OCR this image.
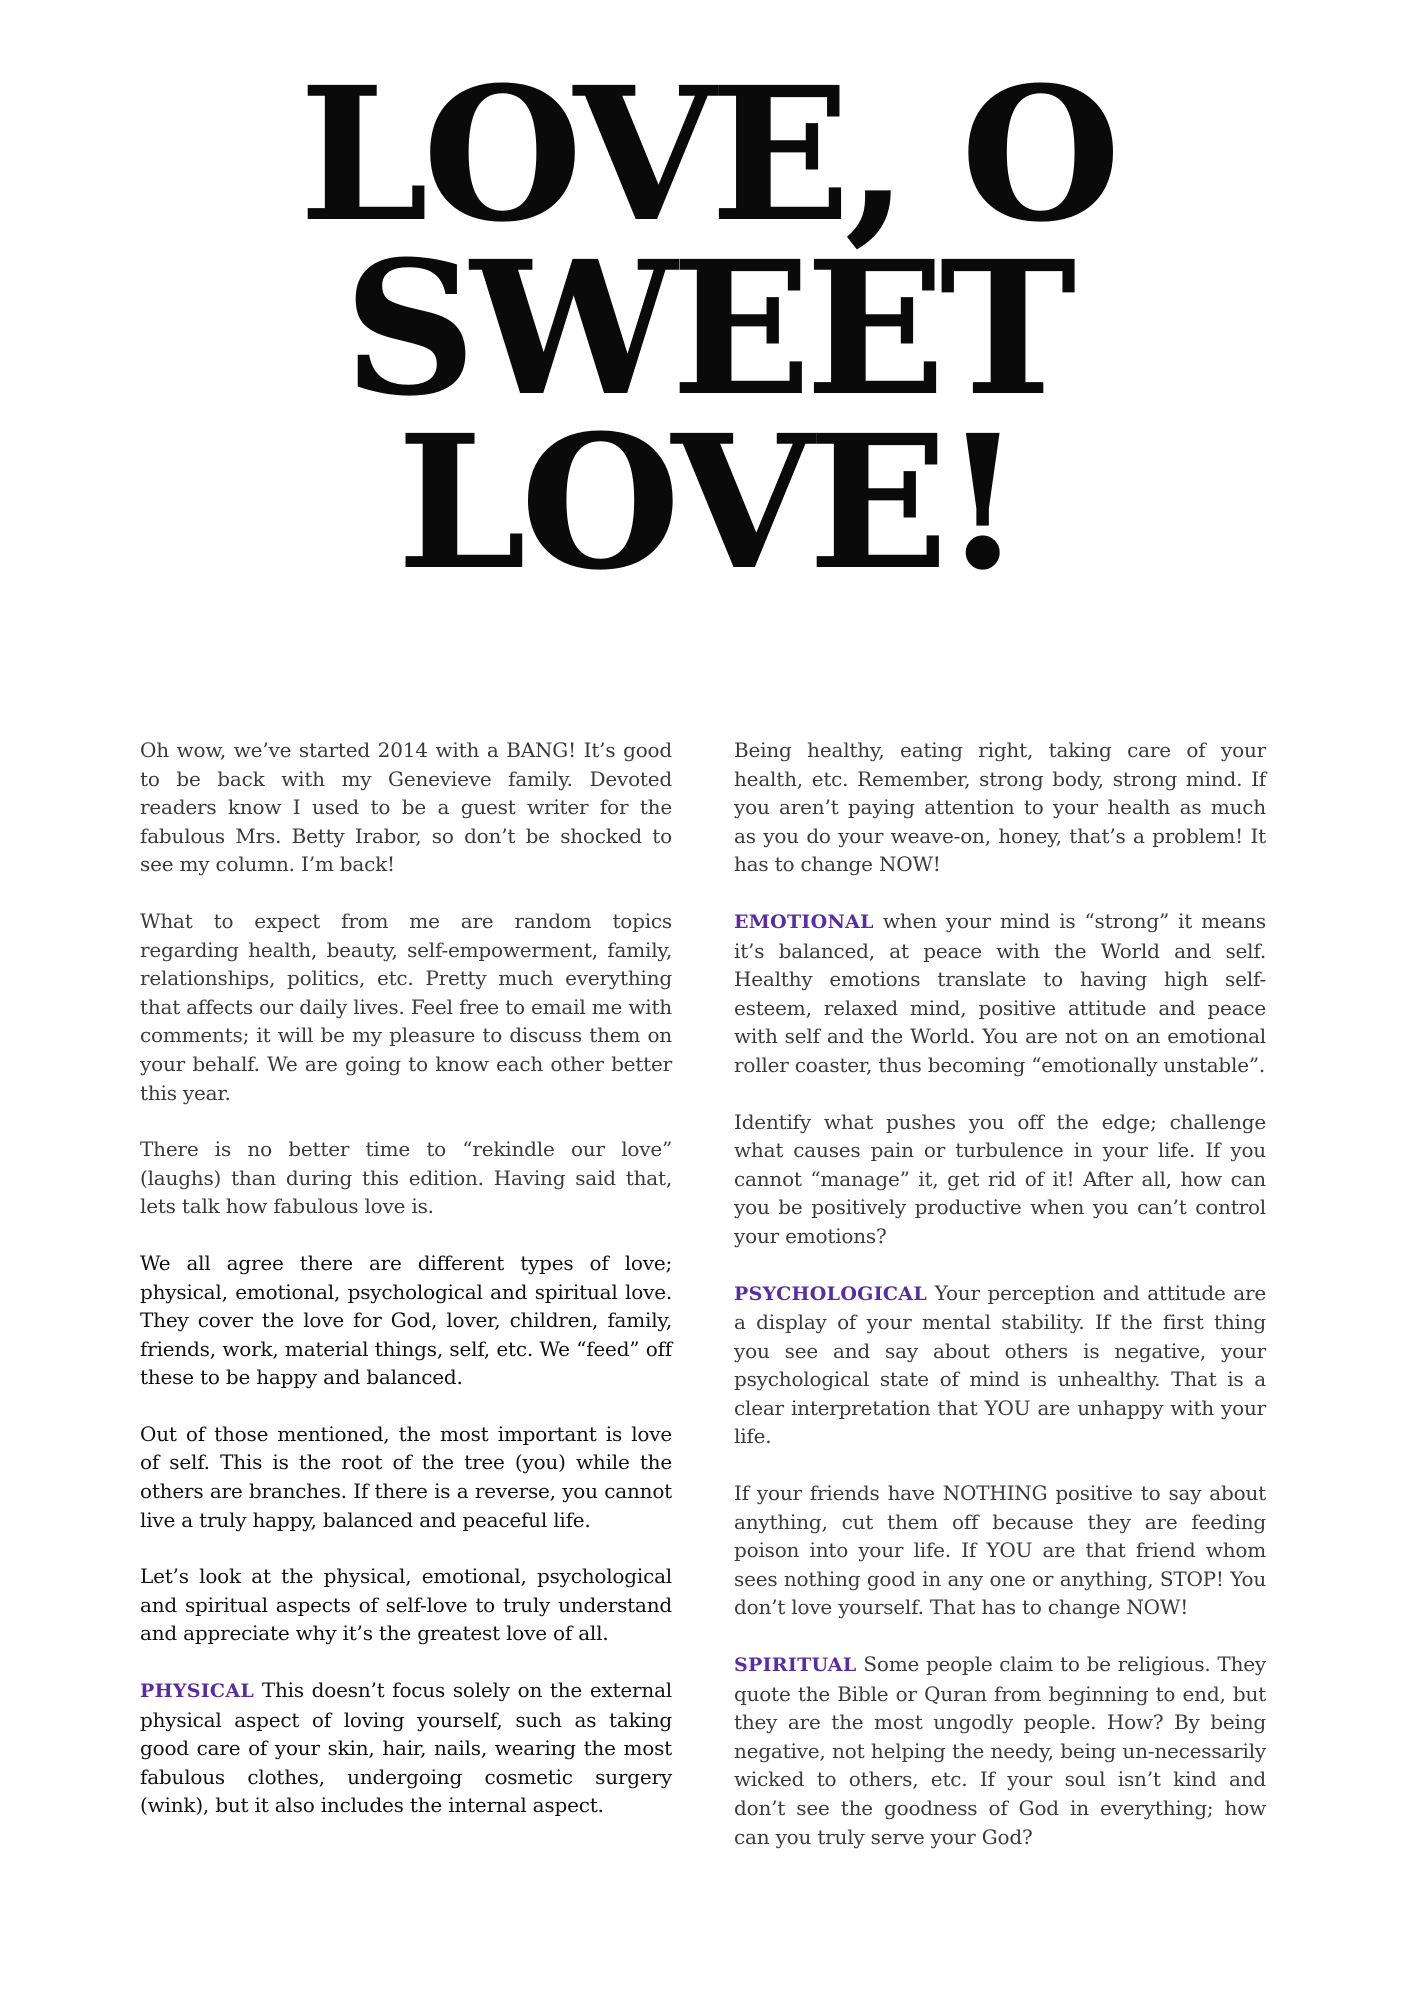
LOVE, O
SWEET
LOVE!

Oh wow, we’ve started 2014 with a BANG! It’s good to be back with my Genevieve family. Devoted readers know I used to be a guest writer for the fabulous Mrs. Betty Irabor, so don’t be shocked to see my column. I’m back!

What to expect from me are random topics regarding health, beauty, self-empowerment, family, relationships, politics, etc. Pretty much everything that affects our daily lives. Feel free to email me with comments; it will be my pleasure to discuss them on your behalf. We are going to know each other better this year.

There is no better time to “rekindle our love” (laughs) than during this edition. Having said that, lets talk how fabulous love is.

We all agree there are different types of love; physical, emotional, psychological and spiritual love. They cover the love for God, lover, children, family, friends, work, material things, self, etc. We “feed” off these to be happy and balanced.

Out of those mentioned, the most important is love of self. This is the root of the tree (you) while the others are branches. If there is a reverse, you cannot live a truly happy, balanced and peaceful life.

Let’s look at the physical, emotional, psychological and spiritual aspects of self-love to truly understand and appreciate why it’s the greatest love of all.

PHYSICAL This doesn’t focus solely on the external physical aspect of loving yourself, such as taking good care of your skin, hair, nails, wearing the most fabulous clothes, undergoing cosmetic surgery (wink), but it also includes the internal aspect.

Being healthy, eating right, taking care of your health, etc. Remember, strong body, strong mind. If you aren’t paying attention to your health as much as you do your weave-on, honey, that’s a problem! It has to change NOW!

EMOTIONAL when your mind is “strong” it means it’s balanced, at peace with the World and self. Healthy emotions translate to having high self-esteem, relaxed mind, positive attitude and peace with self and the World. You are not on an emotional roller coaster, thus becoming “emotionally unstable”.

Identify what pushes you off the edge; challenge what causes pain or turbulence in your life. If you cannot “manage” it, get rid of it! After all, how can you be positively productive when you can’t control your emotions?

PSYCHOLOGICAL Your perception and attitude are a display of your mental stability. If the first thing you see and say about others is negative, your psychological state of mind is unhealthy. That is a clear interpretation that YOU are unhappy with your life.

If your friends have NOTHING positive to say about anything, cut them off because they are feeding poison into your life. If YOU are that friend whom sees nothing good in any one or anything, STOP! You don’t love yourself. That has to change NOW!

SPIRITUAL Some people claim to be religious. They quote the Bible or Quran from beginning to end, but they are the most ungodly people. How? By being negative, not helping the needy, being un-necessarily wicked to others, etc. If your soul isn’t kind and don’t see the goodness of God in everything; how can you truly serve your God?
